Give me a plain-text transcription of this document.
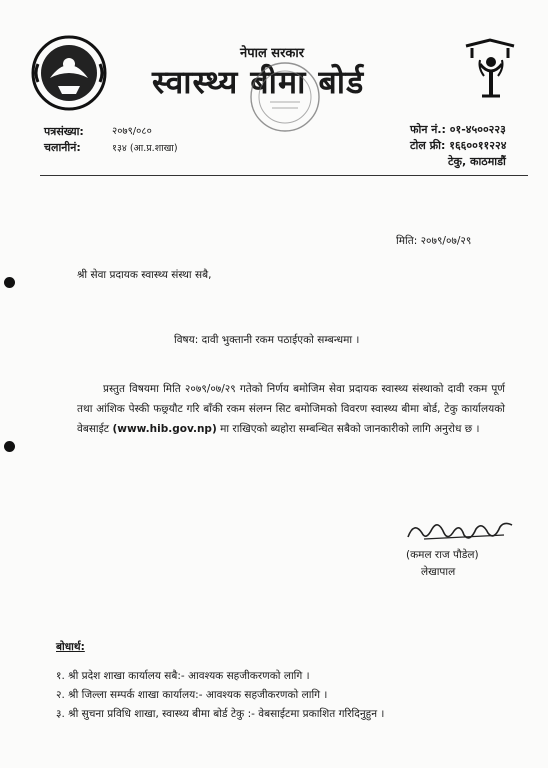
नेपाल सरकार
स्वास्थ्य बीमा बोर्ड
पत्रसंख्या:	२०७९/०८०
चलानीनं:	१३४ (आ.प्र.शाखा)
फोन नं.: ०१-४५००२२३
टोल फ्री: १६६००११२२४
टेकु, काठमाडौं
मिति: २०७९/०७/२९
श्री सेवा प्रदायक स्वास्थ्य संस्था सबै,
विषय: दावी भुक्तानी रकम पठाईएको सम्बन्धमा ।
प्रस्तुत विषयमा मिति २०७९/०७/२९ गतेको निर्णय बमोजिम सेवा प्रदायक स्वास्थ्य संस्थाको दावी रकम पूर्ण तथा आंशिक पेस्की फछ्र्यौट गरि बाँकी रकम संलग्न सिट बमोजिमको विवरण स्वास्थ्य बीमा बोर्ड, टेकु कार्यालयको वेबसाईट (www.hib.gov.np) मा राखिएको ब्यहोरा सम्बन्धित सबैको जानकारीको लागि अनुरोध छ ।
(कमल राज पौडेल)
लेखापाल
बोधार्थ:
१. श्री प्रदेश शाखा कार्यालय सबै:- आवश्यक सहजीकरणको लागि ।
२. श्री जिल्ला सम्पर्क शाखा कार्यालय:- आवश्यक सहजीकरणको लागि ।
३. श्री सुचना प्रविधि शाखा, स्वास्थ्य बीमा बोर्ड टेकु :- वेबसाईटमा प्रकाशित गरिदिनुहुन ।
